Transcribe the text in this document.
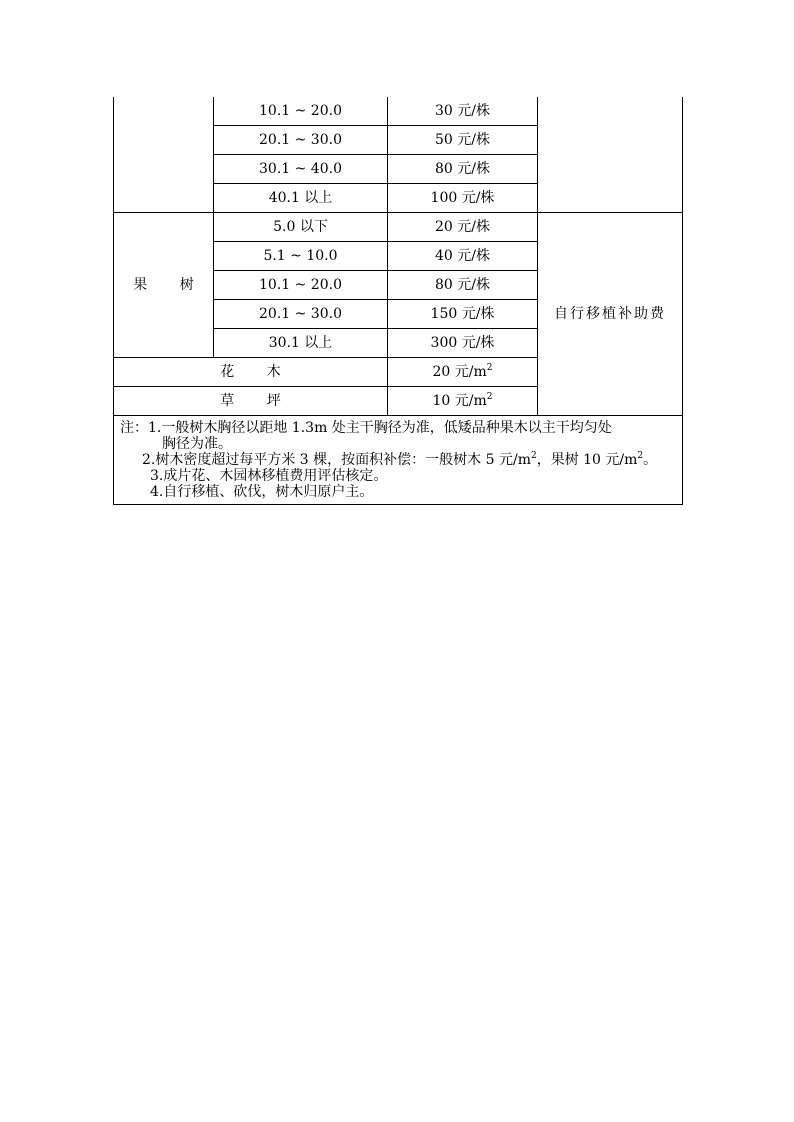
	10.1 ~ 20.0	30 元/株	
	20.1 ~ 30.0	50 元/株	
	30.1 ~ 40.0	80 元/株	
	40.1 以上	100 元/株	
果 树	5.0 以下	20 元/株	自行移植补助费
	5.1 ~ 10.0	40 元/株	
	10.1 ~ 20.0	80 元/株	
	20.1 ~ 30.0	150 元/株	
	30.1 以上	300 元/株	
花 木		20 元$/m^2$
草 坪		10 元$/m^2$

注：1.一般树木胸径以距地 1.3m 处主干胸径为准，低矮品种果木以主干均匀处
胸径为准。
2.树木密度超过每平方米 3 棵，按面积补偿：一般树木 5 元$/m^2$，果树 10 元$/m^2$。
3.成片花、木园林移植费用评估核定。
4.自行移植、砍伐，树木归原户主。			
